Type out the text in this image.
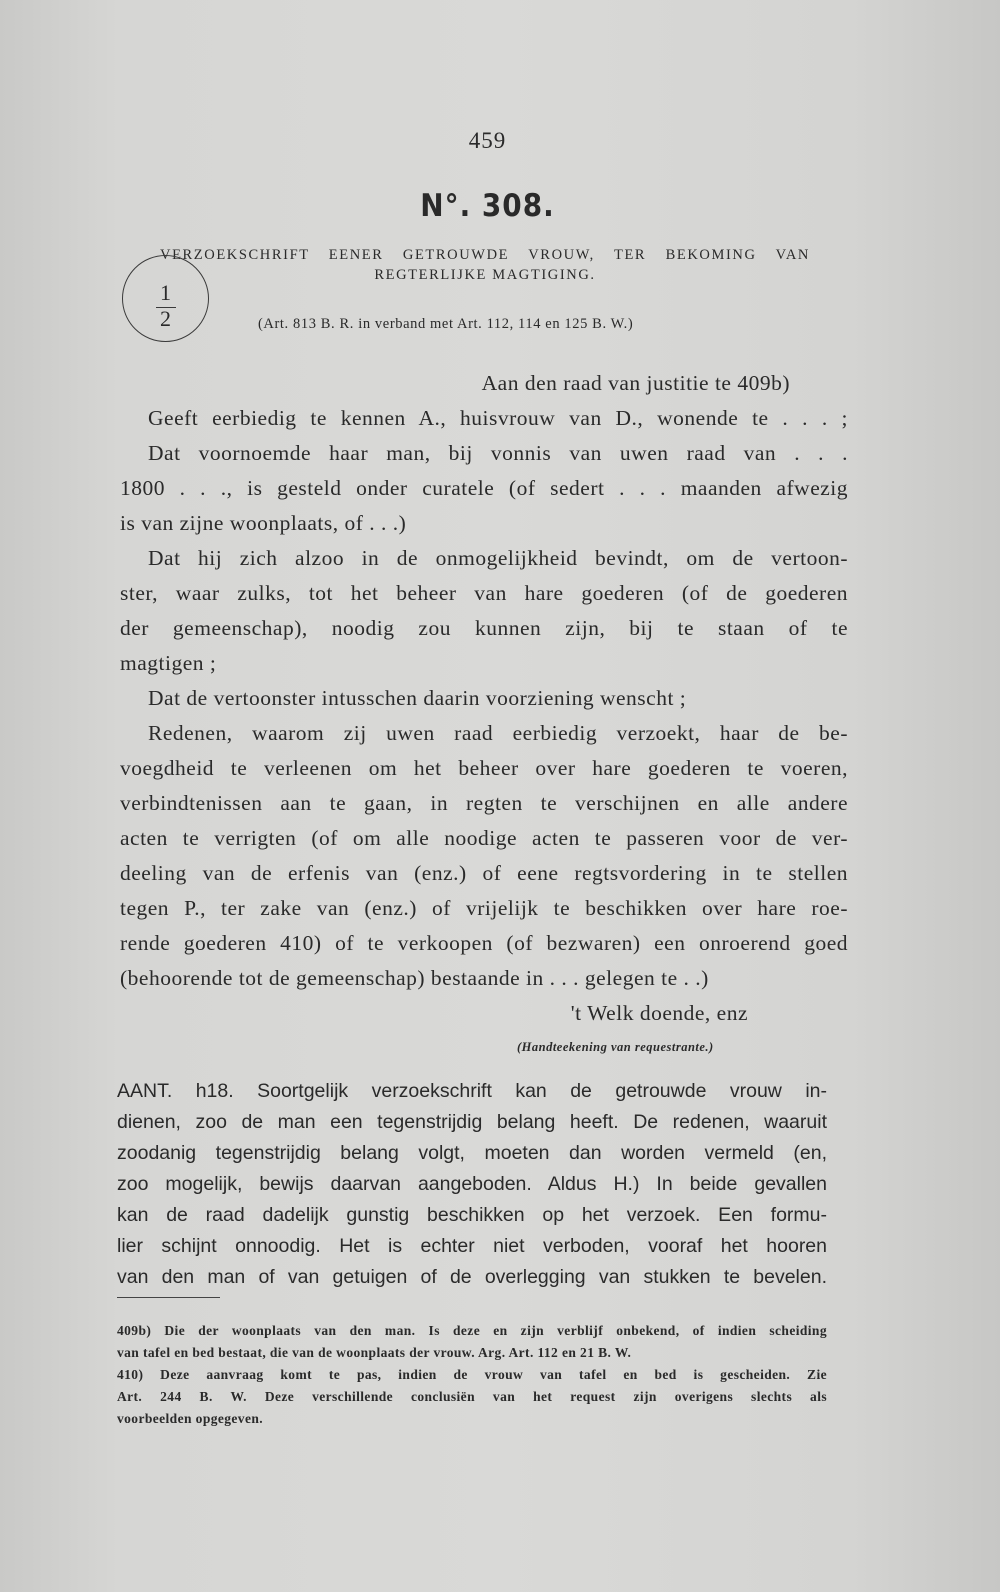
459
N°. 308.
VERZOEKSCHRIFT EENER GETROUWDE VROUW, TER BEKOMING VAN
REGTERLIJKE MAGTIGING.
1
2	(Art. 813 B. R. in verband met Art. 112, 114 en 125 B. W.)
Aan den raad van justitie te 409b)
Geeft eerbiedig te kennen A., huisvrouw van D., wonende te . . . ;
Dat voornoemde haar man, bij vonnis van uwen raad van . . .
1800 . . ., is gesteld onder curatele (of sedert . . . maanden afwezig
is van zijne woonplaats, of . . .)
Dat hij zich alzoo in de onmogelijkheid bevindt, om de vertoon-
ster, waar zulks, tot het beheer van hare goederen (of de goederen
der gemeenschap), noodig zou kunnen zijn, bij te staan of te
magtigen ;
Dat de vertoonster intusschen daarin voorziening wenscht ;
Redenen, waarom zij uwen raad eerbiedig verzoekt, haar de be-
voegdheid te verleenen om het beheer over hare goederen te voeren,
verbindtenissen aan te gaan, in regten te verschijnen en alle andere
acten te verrigten (of om alle noodige acten te passeren voor de ver-
deeling van de erfenis van (enz.) of eene regtsvordering in te stellen
tegen P., ter zake van (enz.) of vrijelijk te beschikken over hare roe-
rende goederen 410) of te verkoopen (of bezwaren) een onroerend goed
(behoorende tot de gemeenschap) bestaande in . . . gelegen te . .)
't Welk doende, enz
(Handteekening van requestrante.)
AANT. h18. Soortgelijk verzoekschrift kan de getrouwde vrouw in-
dienen, zoo de man een tegenstrijdig belang heeft. De redenen, waaruit
zoodanig tegenstrijdig belang volgt, moeten dan worden vermeld (en,
zoo mogelijk, bewijs daarvan aangeboden. Aldus H.) In beide gevallen
kan de raad dadelijk gunstig beschikken op het verzoek. Een formu-
lier schijnt onnoodig. Het is echter niet verboden, vooraf het hooren
van den man of van getuigen of de overlegging van stukken te bevelen.
409b) Die der woonplaats van den man. Is deze en zijn verblijf onbekend, of indien scheiding
van tafel en bed bestaat, die van de woonplaats der vrouw. Arg. Art. 112 en 21 B. W.
410) Deze aanvraag komt te pas, indien de vrouw van tafel en bed is gescheiden. Zie
Art. 244 B. W. Deze verschillende conclusiën van het request zijn overigens slechts als
voorbeelden opgegeven.
